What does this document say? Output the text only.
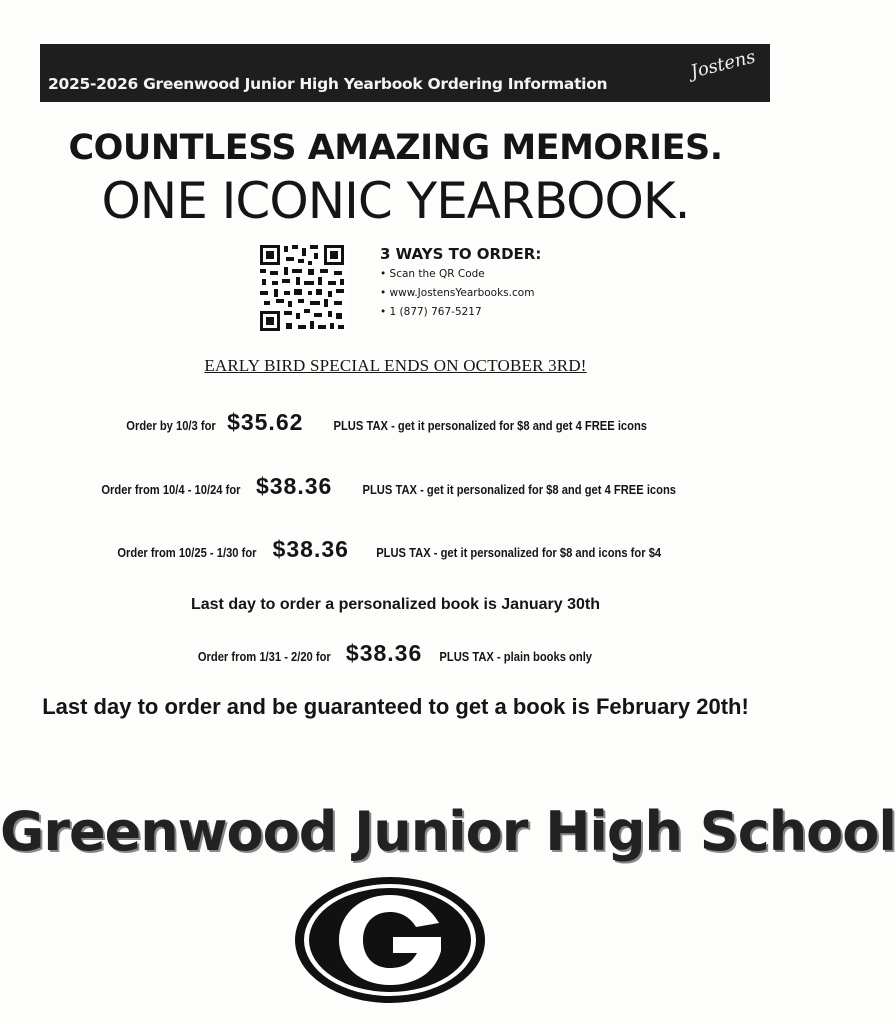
2025-2026 Greenwood Junior High Yearbook Ordering Information
Jostens
COUNTLESS AMAZING MEMORIES.
ONE ICONIC YEARBOOK.
3 WAYS TO ORDER:
• Scan the QR Code
• www.JostensYearbooks.com
• 1 (877) 767-5217
EARLY BIRD SPECIAL ENDS ON OCTOBER 3RD!
Order by 10/3 for $35.62 PLUS TAX - get it personalized for $8 and get 4 FREE icons
Order from 10/4 - 10/24 for $38.36 PLUS TAX - get it personalized for $8 and get 4 FREE icons
Order from 10/25 - 1/30 for $38.36 PLUS TAX - get it personalized for $8 and icons for $4
Last day to order a personalized book is January 30th
Order from 1/31 - 2/20 for $38.36 PLUS TAX - plain books only
Last day to order and be guaranteed to get a book is February 20th!
Greenwood Junior High School
